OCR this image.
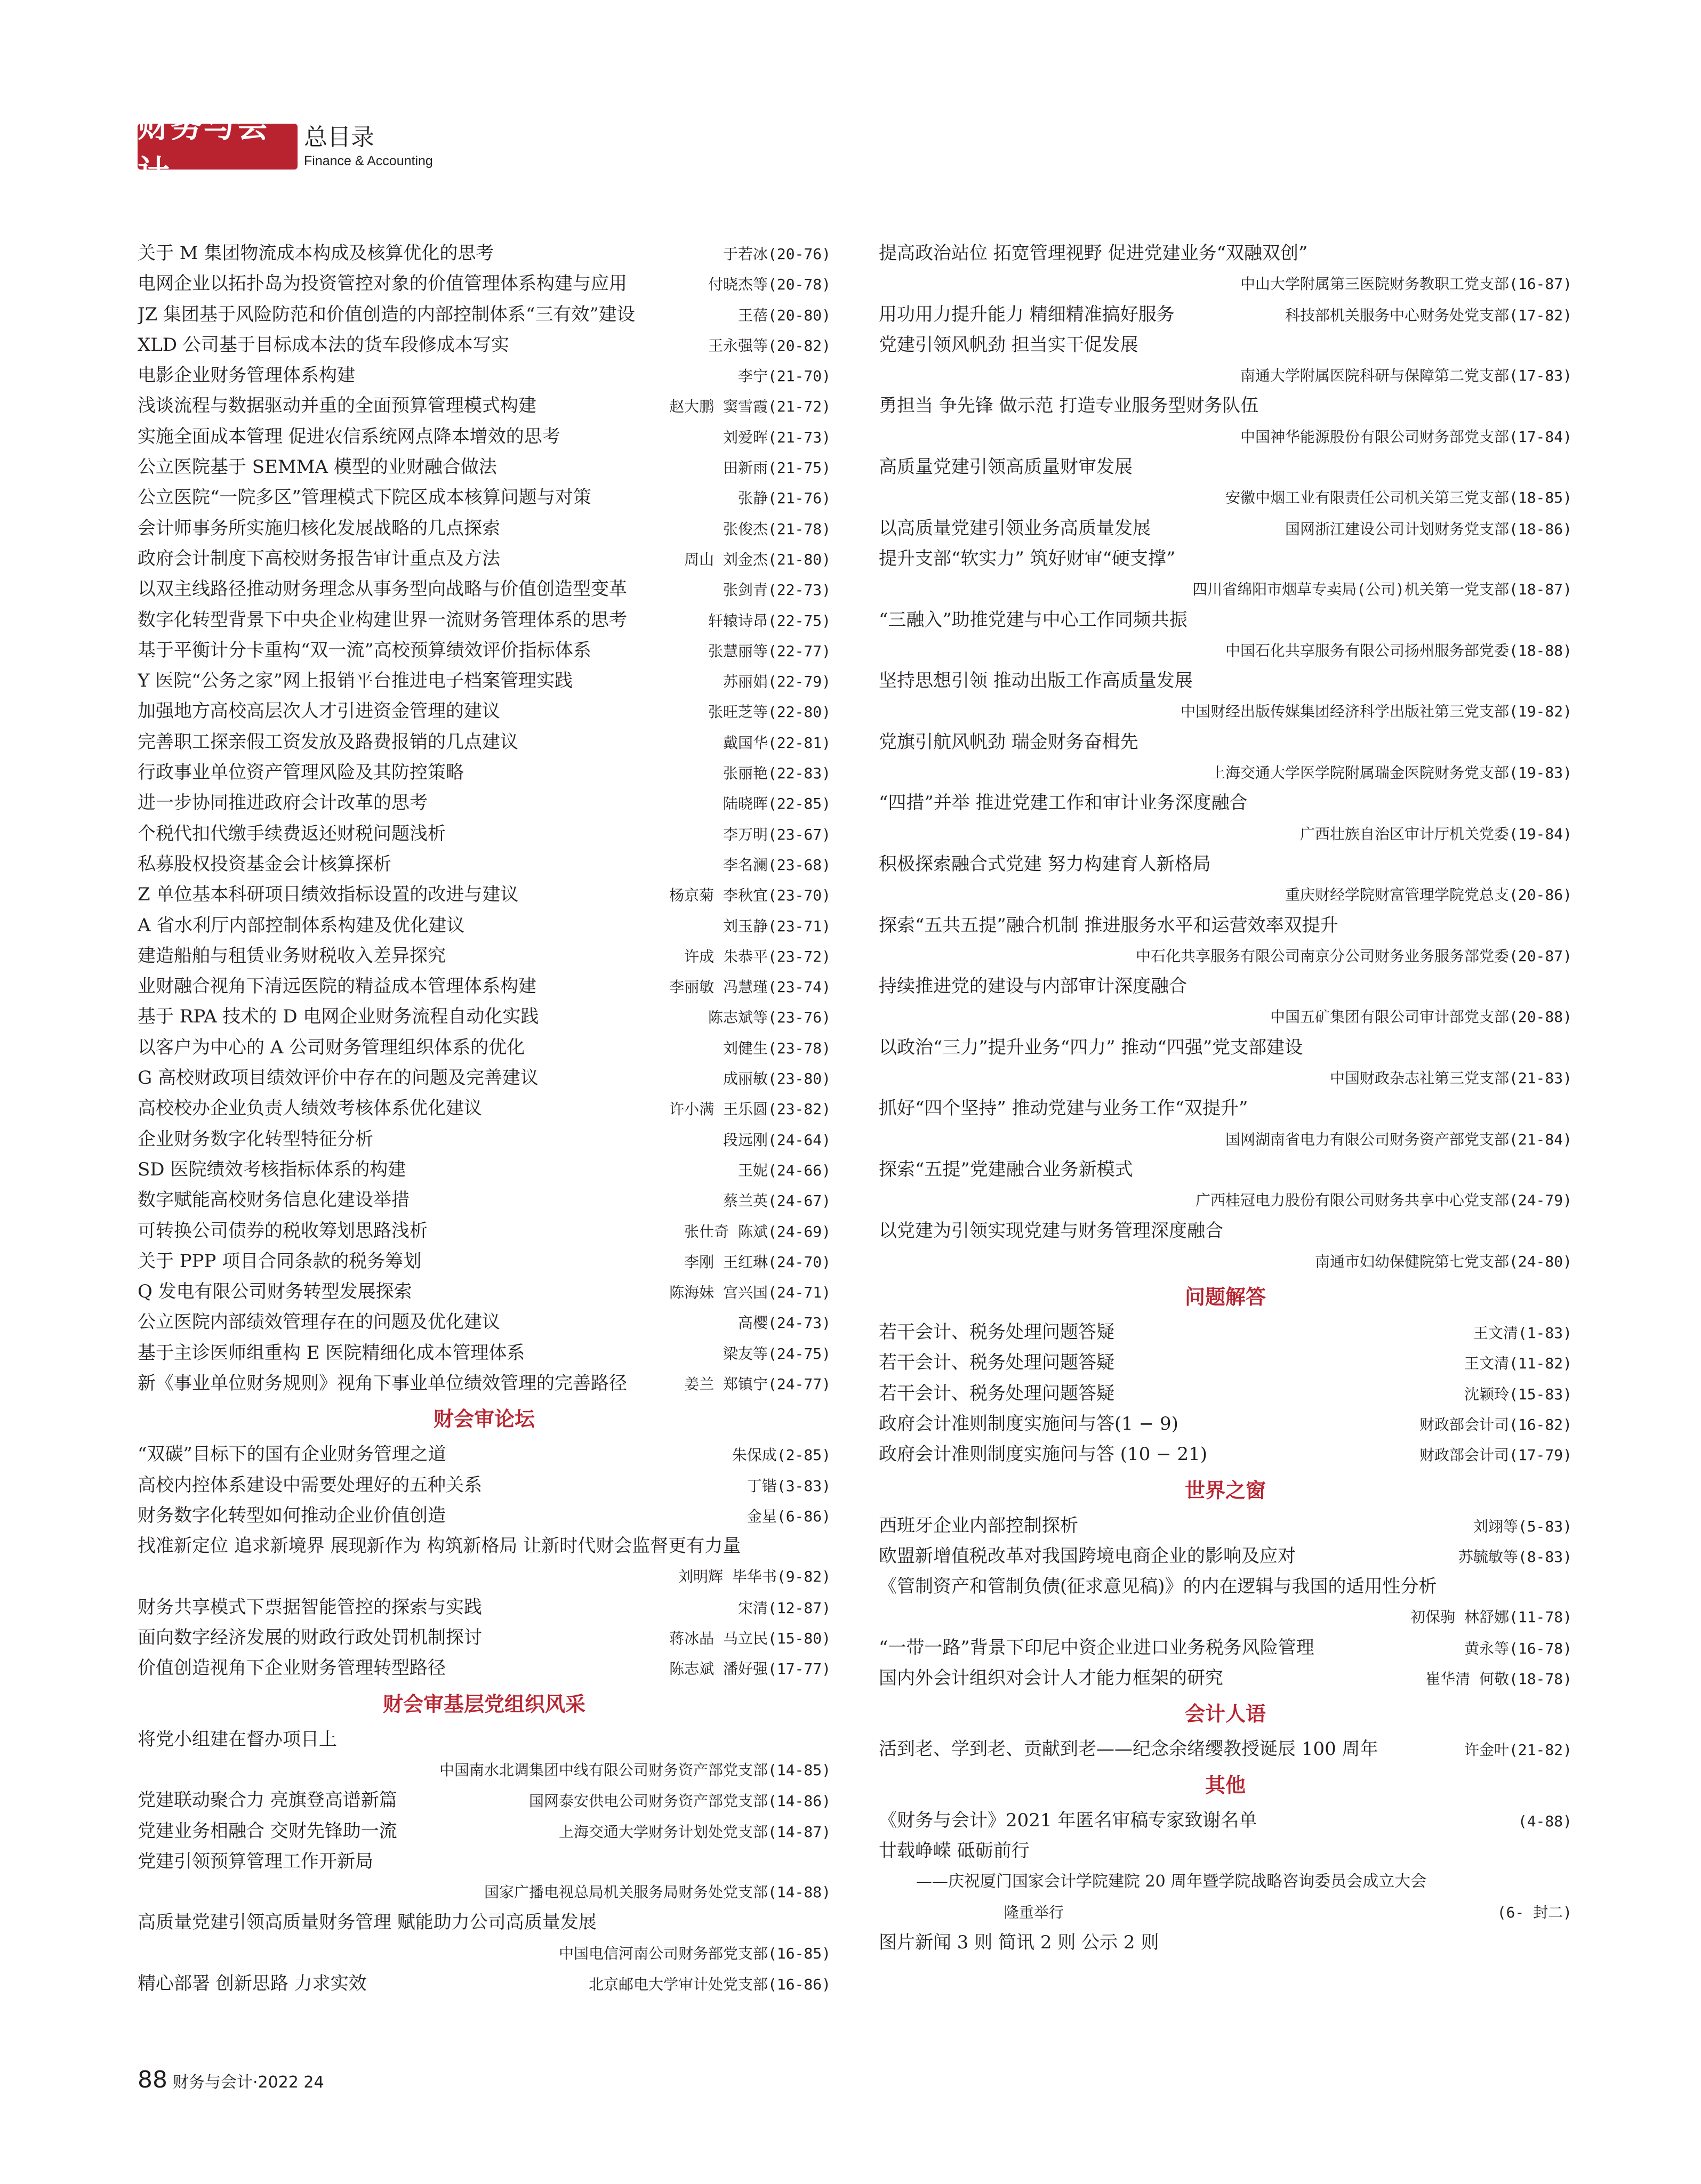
财务与会计
总目录
Finance & Accounting
关于 M 集团物流成本构成及核算优化的思考	于若冰(20-76)
电网企业以拓扑岛为投资管控对象的价值管理体系构建与应用	付晓杰等(20-78)
JZ 集团基于风险防范和价值创造的内部控制体系“三有效”建设	王蓓(20-80)
XLD 公司基于目标成本法的货车段修成本写实	王永强等(20-82)
电影企业财务管理体系构建	李宁(21-70)
浅谈流程与数据驱动并重的全面预算管理模式构建	赵大鹏 窦雪霞(21-72)
实施全面成本管理 促进农信系统网点降本增效的思考	刘爱晖(21-73)
公立医院基于 SEMMA 模型的业财融合做法	田新雨(21-75)
公立医院“一院多区”管理模式下院区成本核算问题与对策	张静(21-76)
会计师事务所实施归核化发展战略的几点探索	张俊杰(21-78)
政府会计制度下高校财务报告审计重点及方法	周山 刘金杰(21-80)
以双主线路径推动财务理念从事务型向战略与价值创造型变革	张剑青(22-73)
数字化转型背景下中央企业构建世界一流财务管理体系的思考	轩辕诗昂(22-75)
基于平衡计分卡重构“双一流”高校预算绩效评价指标体系	张慧丽等(22-77)
Y 医院“公务之家”网上报销平台推进电子档案管理实践	苏丽娟(22-79)
加强地方高校高层次人才引进资金管理的建议	张旺芝等(22-80)
完善职工探亲假工资发放及路费报销的几点建议	戴国华(22-81)
行政事业单位资产管理风险及其防控策略	张丽艳(22-83)
进一步协同推进政府会计改革的思考	陆晓晖(22-85)
个税代扣代缴手续费返还财税问题浅析	李万明(23-67)
私募股权投资基金会计核算探析	李名澜(23-68)
Z 单位基本科研项目绩效指标设置的改进与建议	杨京菊 李秋宜(23-70)
A 省水利厅内部控制体系构建及优化建议	刘玉静(23-71)
建造船舶与租赁业务财税收入差异探究	许成 朱恭平(23-72)
业财融合视角下清远医院的精益成本管理体系构建	李丽敏 冯慧瑾(23-74)
基于 RPA 技术的 D 电网企业财务流程自动化实践	陈志斌等(23-76)
以客户为中心的 A 公司财务管理组织体系的优化	刘健生(23-78)
G 高校财政项目绩效评价中存在的问题及完善建议	成丽敏(23-80)
高校校办企业负责人绩效考核体系优化建议	许小满 王乐圆(23-82)
企业财务数字化转型特征分析	段远刚(24-64)
SD 医院绩效考核指标体系的构建	王妮(24-66)
数字赋能高校财务信息化建设举措	蔡兰英(24-67)
可转换公司债券的税收筹划思路浅析	张仕奇 陈斌(24-69)
关于 PPP 项目合同条款的税务筹划	李刚 王红琳(24-70)
Q 发电有限公司财务转型发展探索	陈海妹 宫兴国(24-71)
公立医院内部绩效管理存在的问题及优化建议	高樱(24-73)
基于主诊医师组重构 E 医院精细化成本管理体系	梁友等(24-75)
新《事业单位财务规则》视角下事业单位绩效管理的完善路径	姜兰 郑镇宁(24-77)
财会审论坛
“双碳”目标下的国有企业财务管理之道	朱保成(2-85)
高校内控体系建设中需要处理好的五种关系	丁锴(3-83)
财务数字化转型如何推动企业价值创造	金星(6-86)
找准新定位 追求新境界 展现新作为 构筑新格局 让新时代财会监督更有力量
刘明辉 毕华书(9-82)
财务共享模式下票据智能管控的探索与实践	宋清(12-87)
面向数字经济发展的财政行政处罚机制探讨	蒋冰晶 马立民(15-80)
价值创造视角下企业财务管理转型路径	陈志斌 潘好强(17-77)
财会审基层党组织风采
将党小组建在督办项目上
中国南水北调集团中线有限公司财务资产部党支部(14-85)
党建联动聚合力 亮旗登高谱新篇	国网泰安供电公司财务资产部党支部(14-86)
党建业务相融合 交财先锋助一流	上海交通大学财务计划处党支部(14-87)
党建引领预算管理工作开新局
国家广播电视总局机关服务局财务处党支部(14-88)
高质量党建引领高质量财务管理 赋能助力公司高质量发展
中国电信河南公司财务部党支部(16-85)
精心部署 创新思路 力求实效	北京邮电大学审计处党支部(16-86)
提高政治站位 拓宽管理视野 促进党建业务“双融双创”
中山大学附属第三医院财务教职工党支部(16-87)
用功用力提升能力 精细精准搞好服务	科技部机关服务中心财务处党支部(17-82)
党建引领风帆劲 担当实干促发展
南通大学附属医院科研与保障第二党支部(17-83)
勇担当 争先锋 做示范 打造专业服务型财务队伍
中国神华能源股份有限公司财务部党支部(17-84)
高质量党建引领高质量财审发展
安徽中烟工业有限责任公司机关第三党支部(18-85)
以高质量党建引领业务高质量发展	国网浙江建设公司计划财务党支部(18-86)
提升支部“软实力” 筑好财审“硬支撑”
四川省绵阳市烟草专卖局(公司)机关第一党支部(18-87)
“三融入”助推党建与中心工作同频共振
中国石化共享服务有限公司扬州服务部党委(18-88)
坚持思想引领 推动出版工作高质量发展
中国财经出版传媒集团经济科学出版社第三党支部(19-82)
党旗引航风帆劲 瑞金财务奋楫先
上海交通大学医学院附属瑞金医院财务党支部(19-83)
“四措”并举 推进党建工作和审计业务深度融合
广西壮族自治区审计厅机关党委(19-84)
积极探索融合式党建 努力构建育人新格局
重庆财经学院财富管理学院党总支(20-86)
探索“五共五提”融合机制 推进服务水平和运营效率双提升
中石化共享服务有限公司南京分公司财务业务服务部党委(20-87)
持续推进党的建设与内部审计深度融合
中国五矿集团有限公司审计部党支部(20-88)
以政治“三力”提升业务“四力” 推动“四强”党支部建设
中国财政杂志社第三党支部(21-83)
抓好“四个坚持” 推动党建与业务工作“双提升”
国网湖南省电力有限公司财务资产部党支部(21-84)
探索“五提”党建融合业务新模式
广西桂冠电力股份有限公司财务共享中心党支部(24-79)
以党建为引领实现党建与财务管理深度融合
南通市妇幼保健院第七党支部(24-80)
问题解答
若干会计、税务处理问题答疑	王文清(1-83)
若干会计、税务处理问题答疑	王文清(11-82)
若干会计、税务处理问题答疑	沈颖玲(15-83)
政府会计准则制度实施问与答(1 − 9)	财政部会计司(16-82)
政府会计准则制度实施问与答 (10 − 21)	财政部会计司(17-79)
世界之窗
西班牙企业内部控制探析	刘翊等(5-83)
欧盟新增值税改革对我国跨境电商企业的影响及应对	苏毓敏等(8-83)
《管制资产和管制负债(征求意见稿)》的内在逻辑与我国的适用性分析
初保驹 林舒娜(11-78)
“一带一路”背景下印尼中资企业进口业务税务风险管理	黄永等(16-78)
国内外会计组织对会计人才能力框架的研究	崔华清 何敬(18-78)
会计人语
活到老、学到老、贡献到老——纪念余绪缨教授诞辰 100 周年	许金叶(21-82)
其他
《财务与会计》2021 年匿名审稿专家致谢名单	(4-88)
廿载峥嵘 砥砺前行
——庆祝厦门国家会计学院建院 20 周年暨学院战略咨询委员会成立大会
隆重举行	(6- 封二)
图片新闻 3 则 简讯 2 则 公示 2 则
88 财务与会计·2022 24
